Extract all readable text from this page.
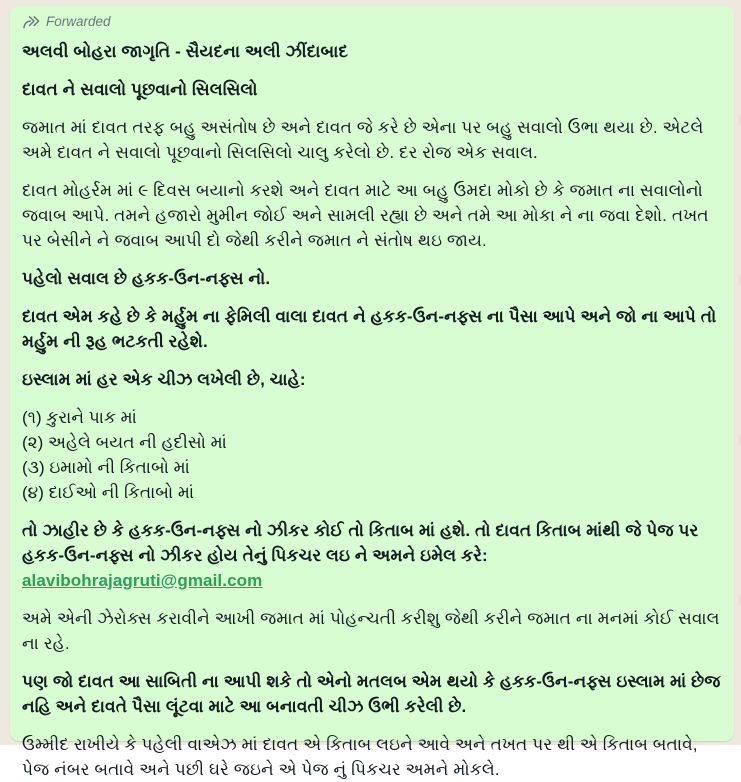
Forwarded

અલવી બોહરા જાગૃતિ - સૈયદના અલી ઝીંદાબાદ

દાવત ને સવાલો પૂછવાનો સિલસિલો

જમાત માં દાવત તરફ બહુ અસંતોષ છે અને દાવત જે કરે છે એના પર બહુ સવાલો ઉભા થયા છે. એટલે અમે દાવત ને સવાલો પૂછવાનો સિલસિલો ચાલુ કરેલો છે. દર રોજ એક સવાલ.

દાવત મોહર્રમ માં ૯ દિવસ બયાનો કરશે અને દાવત માટે આ બહુ ઉમદા મોકો છે કે જમાત ના સવાલોનો જવાબ આપે. તમને હજારો મુમીન જોઈ અને સામલી રહ્યા છે અને તમે આ મોકા ને ના જવા દેશો. તખત પર બેસીને ને જવાબ આપી દો જેથી કરીને જમાત ને સંતોષ થઇ જાય.

પહેલો સવાલ છે હકક-ઉન-નફ્સ નો.

દાવત એમ કહે છે કે મર્હુમ ના ફેમિલી વાલા દાવત ને હકક-ઉન-નફ્સ ના પૈસા આપે અને જો ના આપે તો મર્હુમ ની રૂહ ભટકતી રહેશે.

ઇસ્લામ માં હર એક ચીઝ લખેલી છે, ચાહે:

(૧) કુરાને પાક માં
(૨) અહેલે બયત ની હદીસો માં
(૩) ઇમામો ની કિતાબો માં
(૪) દાઈઓ ની કિતાબો માં

તો ઝાહીર છે કે હકક-ઉન-નફ્સ નો ઝીકર કોઈ તો કિતાબ માં હશે. તો દાવત કિતાબ માંથી જે પેજ પર હકક-ઉન-નફ્સ નો ઝીકર હોય તેનું પિકચર લઇ ને અમને ઇમેલ કરે: alavibohrajagruti@gmail.com

અમે એની ઝેરોક્સ કરાવીને આખી જમાત માં પોહન્ચતી કરીશુ જેથી કરીને જમાત ના મનમાં કોઈ સવાલ ના રહે.

પણ જો દાવત આ સાબિતી ના આપી શકે તો એનો મતલબ એમ થયો કે હકક-ઉન-નફ્સ ઇસ્લામ માં છેજ નહિ અને દાવતે પૈસા લૂંટવા માટે આ બનાવતી ચીઝ ઉભી કરેલી છે.

ઉમ્મીદ રાખીયે કે પહેલી વાએઝ માં દાવત એ કિતાબ લઇને આવે અને તખત પર થી એ કિતાબ બતાવે, પેજ નંબર બતાવે અને પછી ઘરે જઇને એ પેજ નું પિકચર અમને મોકલે.
